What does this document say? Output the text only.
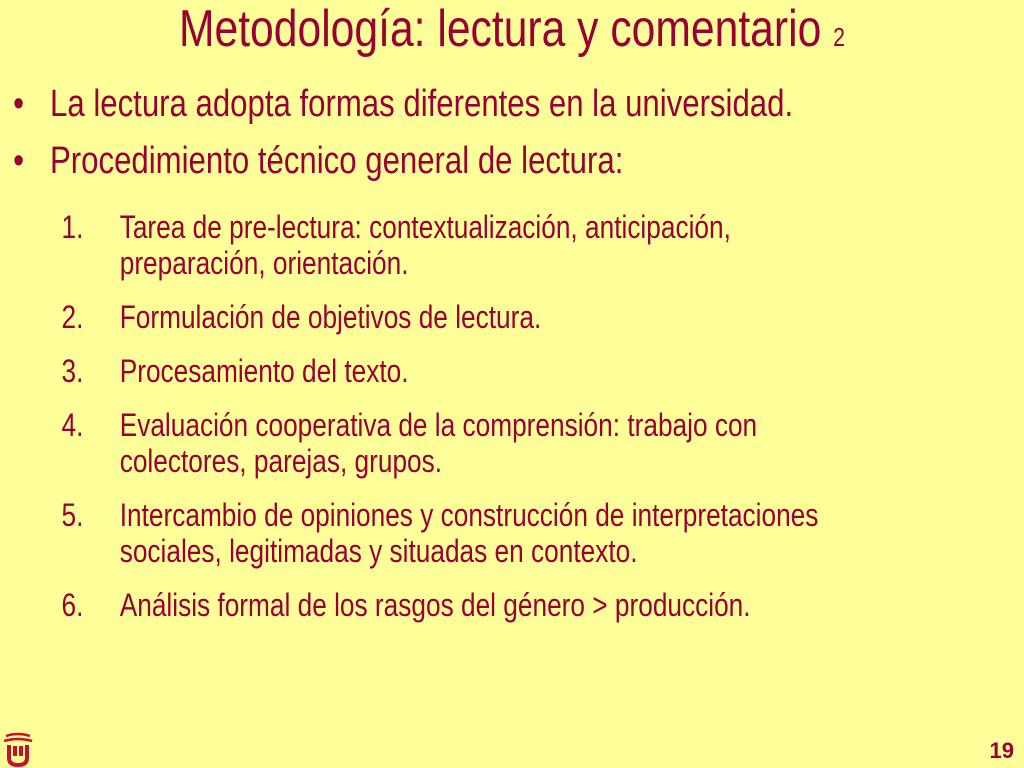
Metodología: lectura y comentario 2
• La lectura adopta formas diferentes en la universidad.
• Procedimiento técnico general de lectura:
1. Tarea de pre-lectura: contextualización, anticipación,
preparación, orientación.
2. Formulación de objetivos de lectura.
3. Procesamiento del texto.
4. Evaluación cooperativa de la comprensión: trabajo con
colectores, parejas, grupos.
5. Intercambio de opiniones y construcción de interpretaciones
sociales, legitimadas y situadas en contexto.
6. Análisis formal de los rasgos del género > producción.
19
